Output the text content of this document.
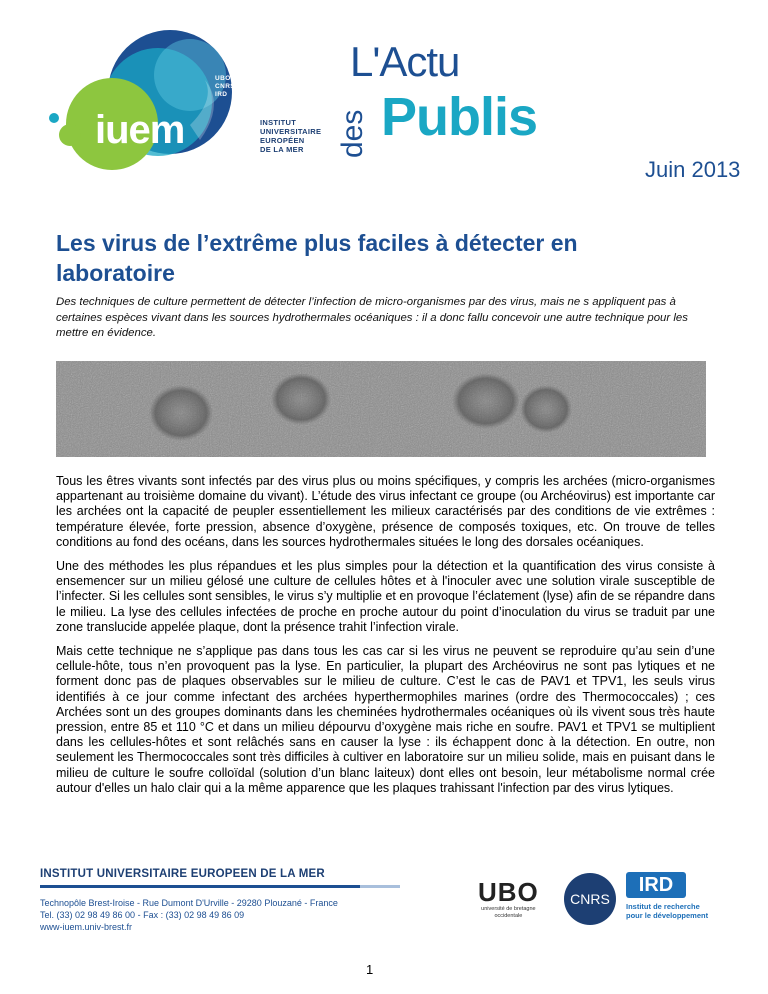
iuem
UBO
CNRS
IRD
INSTITUT
UNIVERSITAIRE
EUROPÉEN
DE LA MER
L'Actu
des Publis
Juin 2013
Les virus de l’extrême plus faciles à détecter en laboratoire

Des techniques de culture permettent de détecter l’infection de micro-organismes par des virus, mais ne s appliquent pas à certaines espèces vivant dans les sources hydrothermales océaniques : il a donc fallu concevoir une autre technique pour les mettre en évidence.

Tous les êtres vivants sont infectés par des virus plus ou moins spécifiques, y compris les archées (micro-organismes appartenant au troisième domaine du vivant). L’étude des virus infectant ce groupe (ou Archéovirus) est importante car les archées ont la capacité de peupler essentiellement les milieux caractérisés par des conditions de vie extrêmes : température élevée, forte pression, absence d’oxygène, présence de composés toxiques, etc. On trouve de telles conditions au fond des océans, dans les sources hydrothermales situées le long des dorsales océaniques.

Une des méthodes les plus répandues et les plus simples pour la détection et la quantification des virus consiste à ensemencer sur un milieu gélosé une culture de cellules hôtes et à l'inoculer avec une solution virale susceptible de l’infecter. Si les cellules sont sensibles, le virus s’y multiplie et en provoque l’éclatement (lyse) afin de se répandre dans le milieu. La lyse des cellules infectées de proche en proche autour du point d’inoculation du virus se traduit par une zone translucide appelée plaque, dont la présence trahit l’infection virale.

Mais cette technique ne s’applique pas dans tous les cas car si les virus ne peuvent se reproduire qu’au sein d’une cellule-hôte, tous n’en provoquent pas la lyse. En particulier, la plupart des Archéovirus ne sont pas lytiques et ne forment donc pas de plaques observables sur le milieu de culture. C’est le cas de PAV1 et TPV1, les seuls virus identifiés à ce jour comme infectant des archées hyperthermophiles marines (ordre des Thermococcales) ; ces Archées sont un des groupes dominants dans les cheminées hydrothermales océaniques où ils vivent sous très haute pression, entre 85 et 110 °C et dans un milieu dépourvu d’oxygène mais riche en soufre. PAV1 et TPV1 se multiplient dans les cellules-hôtes et sont relâchés sans en causer la lyse : ils échappent donc à la détection. En outre, non seulement les Thermococcales sont très difficiles à cultiver en laboratoire sur un milieu solide, mais en puisant dans le milieu de culture le soufre colloïdal (solution d’un blanc laiteux) dont elles ont besoin, leur métabolisme normal crée autour d'elles un halo clair qui a la même apparence que les plaques trahissant l'infection par des virus lytiques.

INSTITUT UNIVERSITAIRE EUROPEEN DE LA MER
Technopôle Brest-Iroise - Rue Dumont D'Urville - 29280 Plouzané - France
Tel. (33) 02 98 49 86 00 - Fax : (33) 02 98 49 86 09
www-iuem.univ-brest.fr
UBO
université de bretagne
occidentale
CNRS
IRD
Institut de recherche
pour le développement
1
